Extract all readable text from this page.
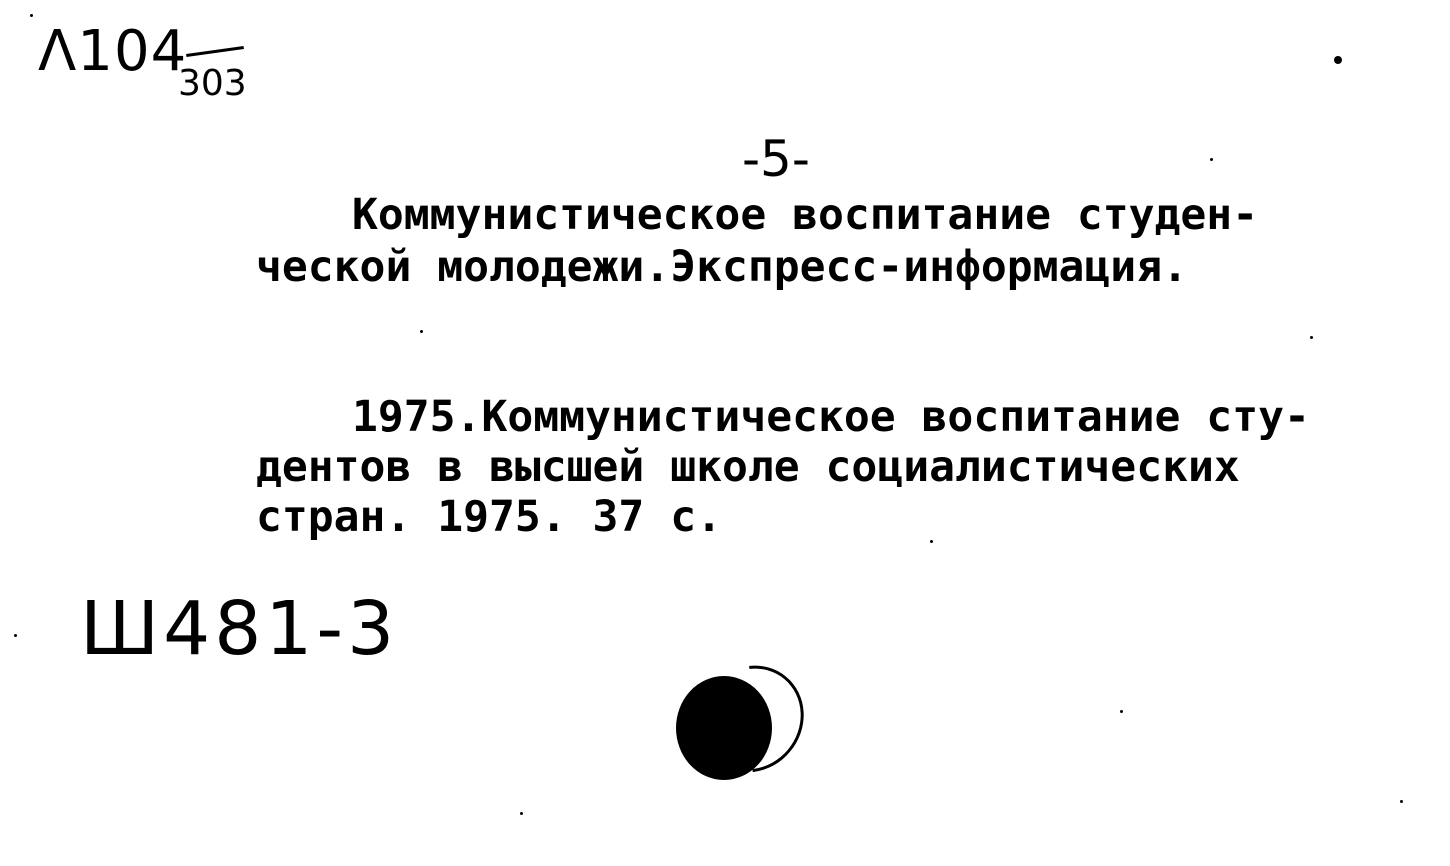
Λ104
303
-5-
Коммунистическое воспитание студен-
ческой молодежи.Экспресс-информация.
1975.Коммунистическое воспитание сту-
дентов в высшей школе социалистических
стран. 1975. 37 с.
Ш481-3
